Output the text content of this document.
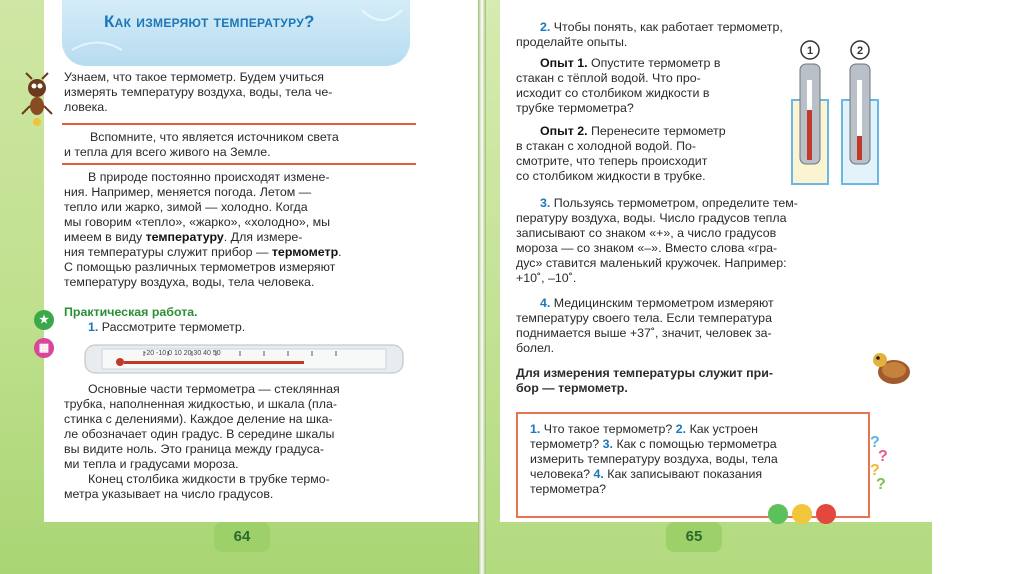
Как измеряют температуру?
Узнаем, что такое термометр. Будем учиться
измерять температуру воздуха, воды, тела че-
ловека.
Вспомните, что является источником света
и тепла для всего живого на Земле.
В природе постоянно происходят измене-
ния. Например, меняется погода. Летом —
тепло или жарко, зимой — холодно. Когда
мы говорим «тепло», «жарко», «холодно», мы
имеем в виду температуру. Для измере-
ния температуры служит прибор — термометр.
С помощью различных термометров измеряют
температуру воздуха, воды, тела человека.
★
▦
Практическая работа.
1. Рассмотрите термометр.
-20 -10 0 10 20 30 40 50
Основные части термометра — стеклянная
трубка, наполненная жидкостью, и шкала (пла-
стинка с делениями). Каждое деление на шка-
ле обозначает один градус. В середине шкалы
вы видите ноль. Это граница между градуса-
ми тепла и градусами мороза.
Конец столбика жидкости в трубке термо-
метра указывает на число градусов.
64
2. Чтобы понять, как работает термометр,
проделайте опыты.
Опыт 1. Опустите термометр в
стакан с тёплой водой. Что про-
исходит со столбиком жидкости в
трубке термометра?
Опыт 2. Перенесите термометр
в стакан с холодной водой. По-
смотрите, что теперь происходит
со столбиком жидкости в трубке.
1	2
3. Пользуясь термометром, определите тем-
пературу воздуха, воды. Число градусов тепла
записывают со знаком «+», а число градусов
мороза — со знаком «–». Вместо слова «гра-
дус» ставится маленький кружочек. Например:
+10˚, –10˚.
4. Медицинским термометром измеряют
температуру своего тела. Если температура
поднимается выше +37˚, значит, человек за-
болел.
Для измерения температуры служит при-
бор — термометр.
1. Что такое термометр? 2. Как устроен
термометр? 3. Как с помощью термометра
измерить температуру воздуха, воды, тела
человека? 4. Как записывают показания
термометра?
?
?
?
?
65
